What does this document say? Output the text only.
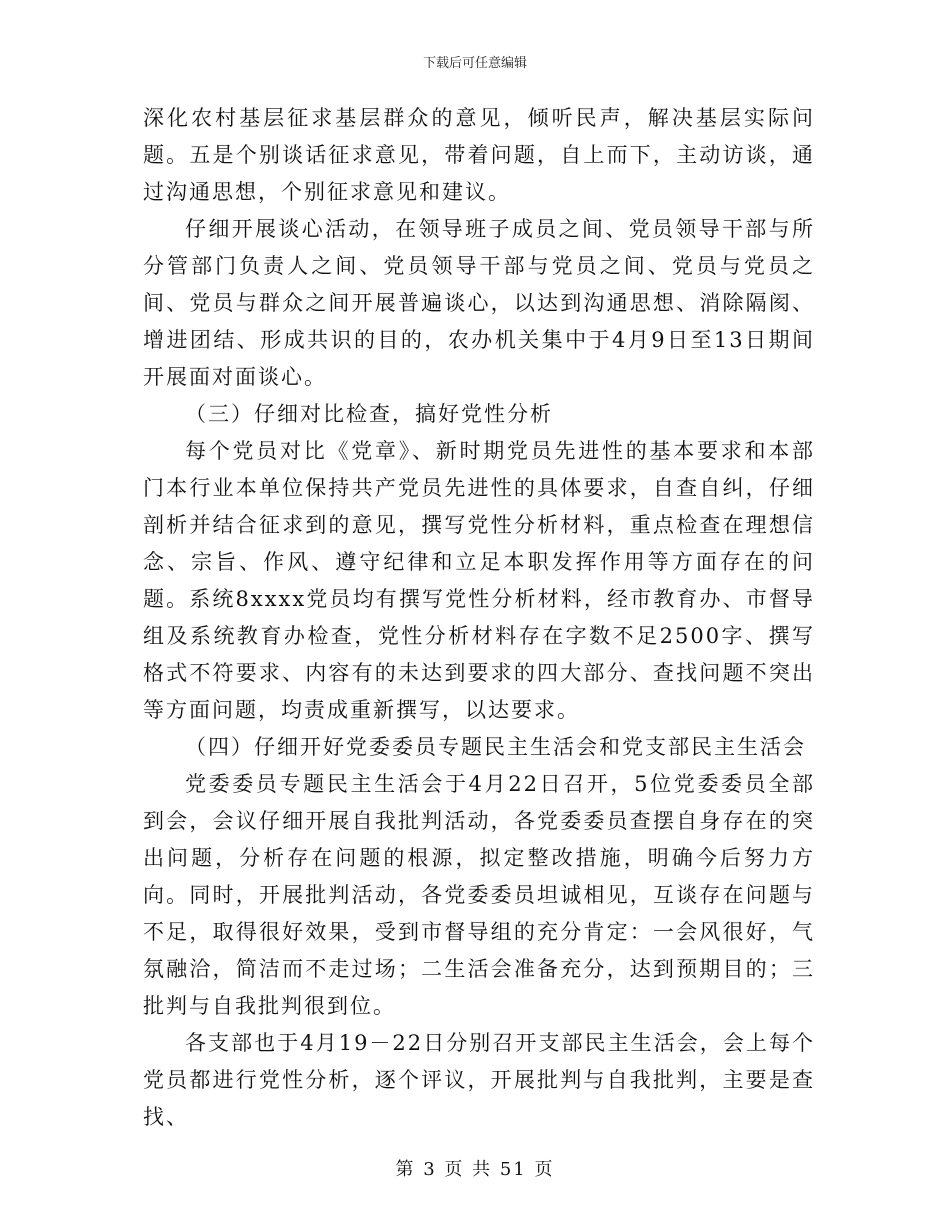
下载后可任意编辑

深化农村基层征求基层群众的意见，倾听民声，解决基层实际问题。五是个别谈话征求意见，带着问题，自上而下，主动访谈，通过沟通思想，个别征求意见和建议。

仔细开展谈心活动，在领导班子成员之间、党员领导干部与所分管部门负责人之间、党员领导干部与党员之间、党员与党员之间、党员与群众之间开展普遍谈心，以达到沟通思想、消除隔阂、增进团结、形成共识的目的，农办机关集中于4月9日至13日期间开展面对面谈心。

（三）仔细对比检查，搞好党性分析

每个党员对比《党章》、新时期党员先进性的基本要求和本部门本行业本单位保持共产党员先进性的具体要求，自查自纠，仔细剖析并结合征求到的意见，撰写党性分析材料，重点检查在理想信念、宗旨、作风、遵守纪律和立足本职发挥作用等方面存在的问题。系统8xxxx党员均有撰写党性分析材料，经市教育办、市督导组及系统教育办检查，党性分析材料存在字数不足2500字、撰写格式不符要求、内容有的未达到要求的四大部分、查找问题不突出等方面问题，均责成重新撰写，以达要求。

（四）仔细开好党委委员专题民主生活会和党支部民主生活会

党委委员专题民主生活会于4月22日召开，5位党委委员全部到会，会议仔细开展自我批判活动，各党委委员查摆自身存在的突出问题，分析存在问题的根源，拟定整改措施，明确今后努力方向。同时，开展批判活动，各党委委员坦诚相见，互谈存在问题与不足，取得很好效果，受到市督导组的充分肯定：一会风很好，气氛融洽，简洁而不走过场；二生活会准备充分，达到预期目的；三批判与自我批判很到位。

各支部也于4月19－22日分别召开支部民主生活会，会上每个党员都进行党性分析，逐个评议，开展批判与自我批判，主要是查找、

第 3 页 共 51 页
